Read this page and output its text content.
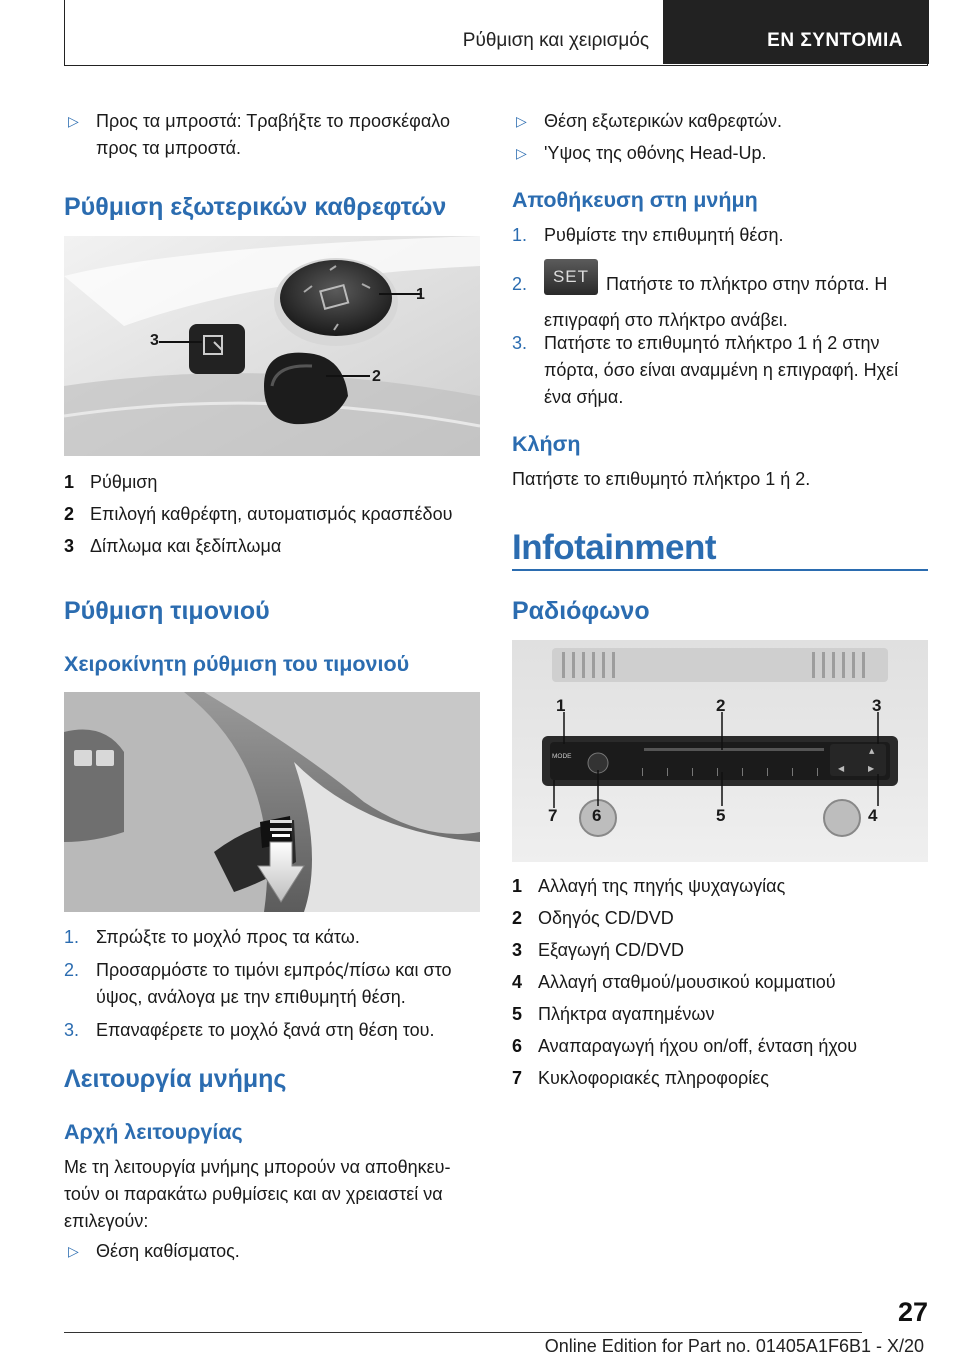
Ρύθμιση και χειρισμός	ΕΝ ΣΥΝΤΟΜΙΑ
▷ Προς τα μπροστά: Τραβήξτε το προσκέφαλο προς τα μπροστά.
Ρύθμιση εξωτερικών καθρεφτών
3
1
2
1 Ρύθμιση
2 Επιλογή καθρέφτη, αυτοματισμός κρασπέδου
3 Δίπλωμα και ξεδίπλωμα
Ρύθμιση τιμονιού
Χειροκίνητη ρύθμιση του τιμονιού
1. Σπρώξτε το μοχλό προς τα κάτω.
2. Προσαρμόστε το τιμόνι εμπρός/πίσω και στο ύψος, ανάλογα με την επιθυμητή θέση.
3. Επαναφέρετε το μοχλό ξανά στη θέση του.
Λειτουργία μνήμης
Αρχή λειτουργίας
Με τη λειτουργία μνήμης μπορούν να αποθηκευ-τούν οι παρακάτω ρυθμίσεις και αν χρειαστεί να επιλεγούν:
▷ Θέση καθίσματος.
▷ Θέση εξωτερικών καθρεφτών.
▷ 'Υψος της οθόνης Head-Up.
Αποθήκευση στη μνήμη
1. Ρυθμίστε την επιθυμητή θέση.
2. SET Πατήστε το πλήκτρο στην πόρτα. Η επιγραφή στο πλήκτρο ανάβει.
3. Πατήστε το επιθυμητό πλήκτρο 1 ή 2 στην πόρτα, όσο είναι αναμμένη η επιγραφή. Ηχεί ένα σήμα.
Κλήση
Πατήστε το επιθυμητό πλήκτρο 1 ή 2.
Infotainment
Ραδιόφωνο
◀	▶
▲
MODE
1	2	3
7 6	5	4
1 Αλλαγή της πηγής ψυχαγωγίας
2 Οδηγός CD/DVD
3 Εξαγωγή CD/DVD
4 Αλλαγή σταθμού/μουσικού κομματιού
5 Πλήκτρα αγαπημένων
6 Αναπαραγωγή ήχου on/off, ένταση ήχου
7 Κυκλοφοριακές πληροφορίες
27
Online Edition for Part no. 01405A1F6B1 - X/20
